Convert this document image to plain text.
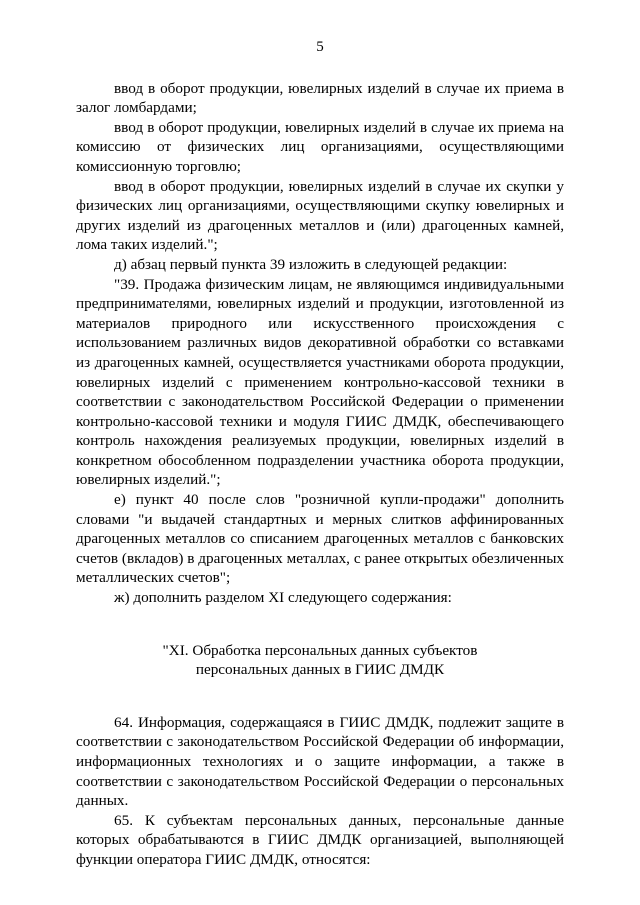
5

ввод в оборот продукции, ювелирных изделий в случае их приема в залог ломбардами;

ввод в оборот продукции, ювелирных изделий в случае их приема на комиссию от физических лиц организациями, осуществляющими комиссионную торговлю;

ввод в оборот продукции, ювелирных изделий в случае их скупки у физических лиц организациями, осуществляющими скупку ювелирных и других изделий из драгоценных металлов и (или) драгоценных камней, лома таких изделий.";

д) абзац первый пункта 39 изложить в следующей редакции:

"39. Продажа физическим лицам, не являющимся индивидуальными предпринимателями, ювелирных изделий и продукции, изготовленной из материалов природного или искусственного происхождения с использованием различных видов декоративной обработки со вставками из драгоценных камней, осуществляется участниками оборота продукции, ювелирных изделий с применением контрольно-кассовой техники в соответствии с законодательством Российской Федерации о применении контрольно-кассовой техники и модуля ГИИС ДМДК, обеспечивающего контроль нахождения реализуемых продукции, ювелирных изделий в конкретном обособленном подразделении участника оборота продукции, ювелирных изделий.";

е) пункт 40 после слов "розничной купли-продажи" дополнить словами "и выдачей стандартных и мерных слитков аффинированных драгоценных металлов со списанием драгоценных металлов с банковских счетов (вкладов) в драгоценных металлах, с ранее открытых обезличенных металлических счетов";

ж) дополнить разделом XI следующего содержания:

"XI. Обработка персональных данных субъектов
персональных данных в ГИИС ДМДК

64. Информация, содержащаяся в ГИИС ДМДК, подлежит защите в соответствии с законодательством Российской Федерации об информации, информационных технологиях и о защите информации, а также в соответствии с законодательством Российской Федерации о персональных данных.

65. К субъектам персональных данных, персональные данные которых обрабатываются в ГИИС ДМДК организацией, выполняющей функции оператора ГИИС ДМДК, относятся:
